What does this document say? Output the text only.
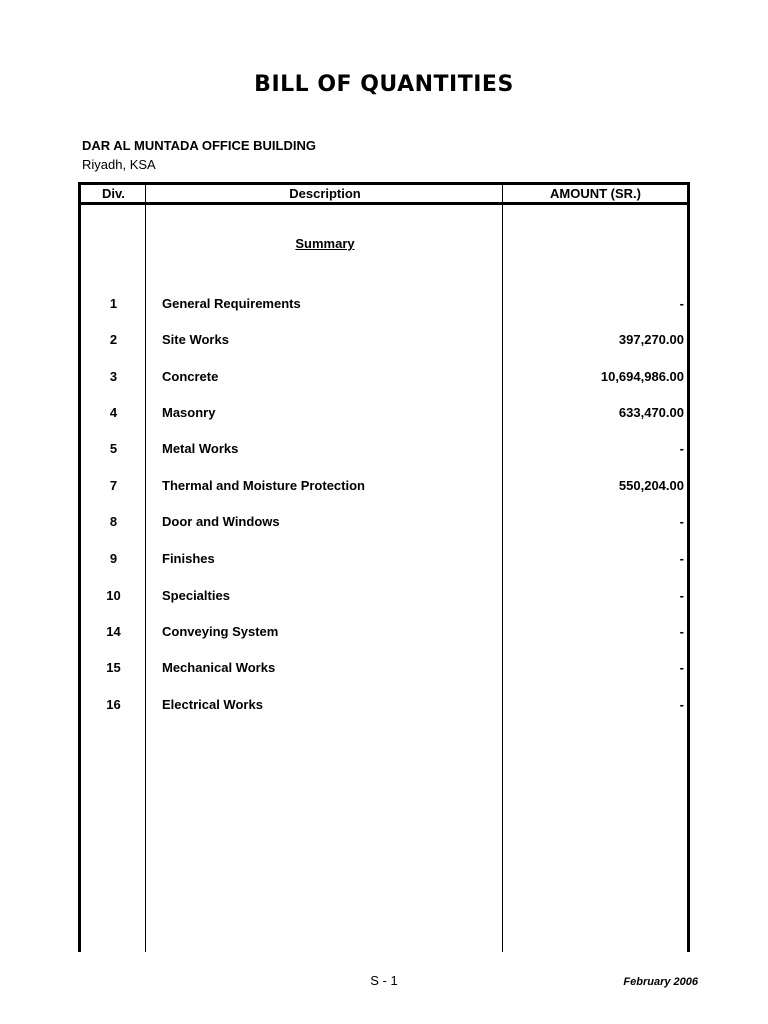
BILL OF QUANTITIES
DAR AL MUNTADA OFFICE BUILDING
Riyadh, KSA
Div.	Description	AMOUNT (SR.)
Summary
1	General Requirements	-
2	Site Works	397,270.00
3	Concrete	10,694,986.00
4	Masonry	633,470.00
5	Metal Works	-
7	Thermal and Moisture Protection	550,204.00
8	Door and Windows	-
9	Finishes	-
10	Specialties	-
14	Conveying System	-
15	Mechanical Works	-
16	Electrical Works	-
S - 1	February 2006
